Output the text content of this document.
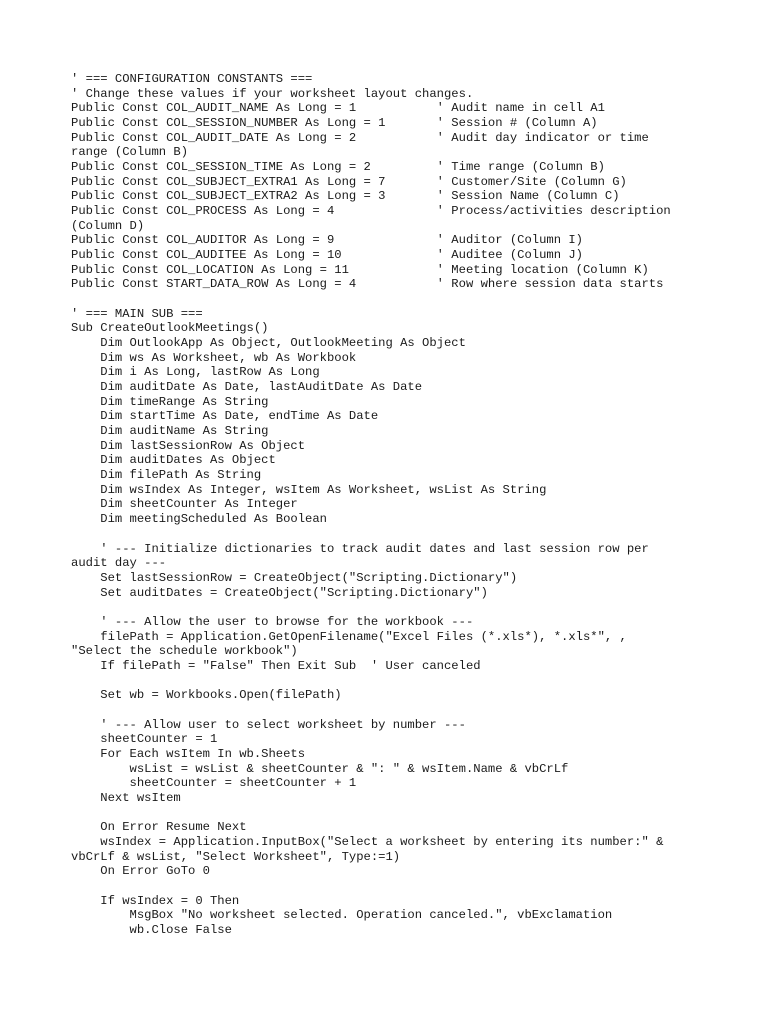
' === CONFIGURATION CONSTANTS ===
' Change these values if your worksheet layout changes.
Public Const COL_AUDIT_NAME As Long = 1           ' Audit name in cell A1
Public Const COL_SESSION_NUMBER As Long = 1       ' Session # (Column A)
Public Const COL_AUDIT_DATE As Long = 2           ' Audit day indicator or time
range (Column B)
Public Const COL_SESSION_TIME As Long = 2         ' Time range (Column B)
Public Const COL_SUBJECT_EXTRA1 As Long = 7       ' Customer/Site (Column G)
Public Const COL_SUBJECT_EXTRA2 As Long = 3       ' Session Name (Column C)
Public Const COL_PROCESS As Long = 4              ' Process/activities description
(Column D)
Public Const COL_AUDITOR As Long = 9              ' Auditor (Column I)
Public Const COL_AUDITEE As Long = 10             ' Auditee (Column J)
Public Const COL_LOCATION As Long = 11            ' Meeting location (Column K)
Public Const START_DATA_ROW As Long = 4           ' Row where session data starts
' === MAIN SUB ===
Sub CreateOutlookMeetings()
Dim OutlookApp As Object, OutlookMeeting As Object
Dim ws As Worksheet, wb As Workbook
Dim i As Long, lastRow As Long
Dim auditDate As Date, lastAuditDate As Date
Dim timeRange As String
Dim startTime As Date, endTime As Date
Dim auditName As String
Dim lastSessionRow As Object
Dim auditDates As Object
Dim filePath As String
Dim wsIndex As Integer, wsItem As Worksheet, wsList As String
Dim sheetCounter As Integer
Dim meetingScheduled As Boolean
' --- Initialize dictionaries to track audit dates and last session row per
audit day ---
Set lastSessionRow = CreateObject("Scripting.Dictionary")
Set auditDates = CreateObject("Scripting.Dictionary")
' --- Allow the user to browse for the workbook ---
filePath = Application.GetOpenFilename("Excel Files (*.xls*), *.xls*", ,
"Select the schedule workbook")
If filePath = "False" Then Exit Sub  ' User canceled
Set wb = Workbooks.Open(filePath)
' --- Allow user to select worksheet by number ---
sheetCounter = 1
For Each wsItem In wb.Sheets
wsList = wsList & sheetCounter & ": " & wsItem.Name & vbCrLf
sheetCounter = sheetCounter + 1
Next wsItem
On Error Resume Next
wsIndex = Application.InputBox("Select a worksheet by entering its number:" &
vbCrLf & wsList, "Select Worksheet", Type:=1)
On Error GoTo 0
If wsIndex = 0 Then
MsgBox "No worksheet selected. Operation canceled.", vbExclamation
wb.Close False
